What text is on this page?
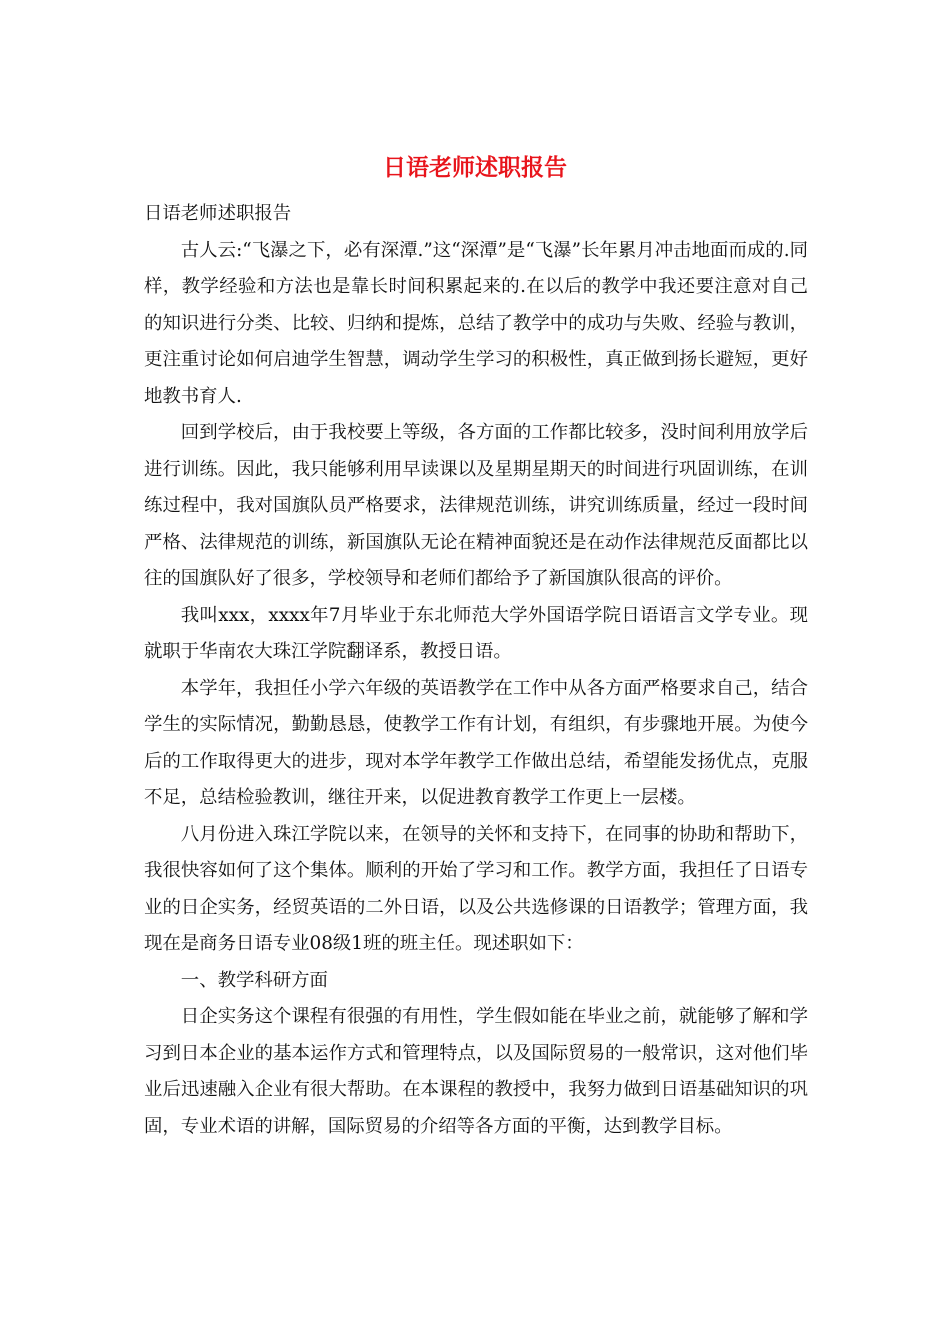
日语老师述职报告

日语老师述职报告

古人云:“飞瀑之下，必有深潭.”这“深潭”是“飞瀑”长年累月冲击地面而成的.同样，教学经验和方法也是靠长时间积累起来的.在以后的教学中我还要注意对自己的知识进行分类、比较、归纳和提炼，总结了教学中的成功与失败、经验与教训，更注重讨论如何启迪学生智慧，调动学生学习的积极性，真正做到扬长避短，更好地教书育人.

回到学校后，由于我校要上等级，各方面的工作都比较多，没时间利用放学后进行训练。因此，我只能够利用早读课以及星期星期天的时间进行巩固训练，在训练过程中，我对国旗队员严格要求，法律规范训练，讲究训练质量，经过一段时间严格、法律规范的训练，新国旗队无论在精神面貌还是在动作法律规范反面都比以往的国旗队好了很多，学校领导和老师们都给予了新国旗队很高的评价。

我叫xxx，xxxx年7月毕业于东北师范大学外国语学院日语语言文学专业。现就职于华南农大珠江学院翻译系，教授日语。

本学年，我担任小学六年级的英语教学在工作中从各方面严格要求自己，结合学生的实际情况，勤勤恳恳，使教学工作有计划，有组织，有步骤地开展。为使今后的工作取得更大的进步，现对本学年教学工作做出总结，希望能发扬优点，克服不足，总结检验教训，继往开来，以促进教育教学工作更上一层楼。

八月份进入珠江学院以来，在领导的关怀和支持下，在同事的协助和帮助下，我很快容如何了这个集体。顺利的开始了学习和工作。教学方面，我担任了日语专业的日企实务，经贸英语的二外日语，以及公共选修课的日语教学；管理方面，我现在是商务日语专业08级1班的班主任。现述职如下：

一、教学科研方面

日企实务这个课程有很强的有用性，学生假如能在毕业之前，就能够了解和学习到日本企业的基本运作方式和管理特点，以及国际贸易的一般常识，这对他们毕业后迅速融入企业有很大帮助。在本课程的教授中，我努力做到日语基础知识的巩固，专业术语的讲解，国际贸易的介绍等各方面的平衡，达到教学目标。
